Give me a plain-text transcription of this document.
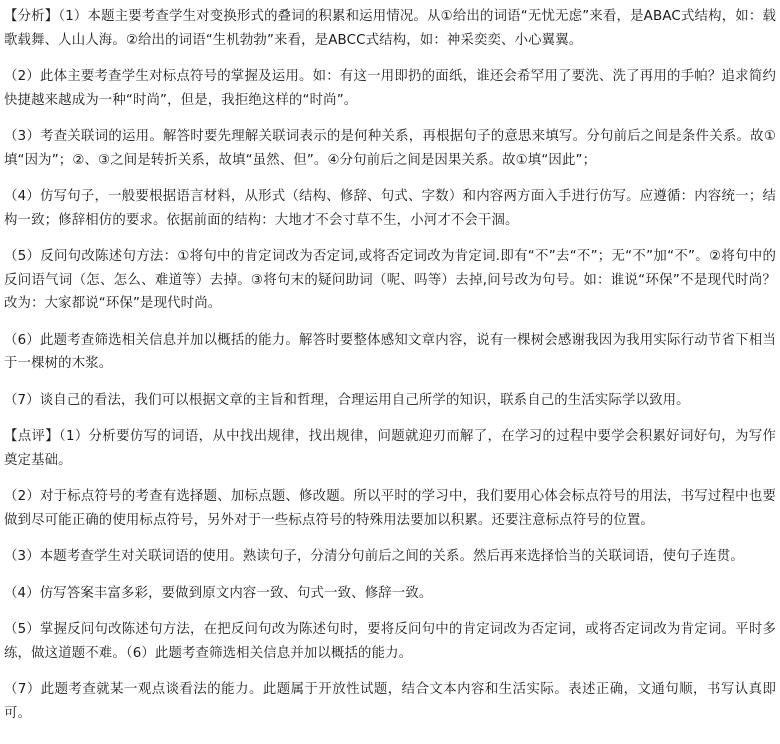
【分析】（1）本题主要考查学生对变换形式的叠词的积累和运用情况。从①给出的词语“无忧无虑”来看，是ABAC式结构，如：载歌载舞、人山人海。②给出的词语“生机勃勃”来看，是ABCC式结构，如：神采奕奕、小心翼翼。

（2）此体主要考查学生对标点符号的掌握及运用。如：有这一用即扔的面纸，谁还会希罕用了要洗、洗了再用的手帕？追求简约快捷越来越成为一种“时尚”，但是，我拒绝这样的“时尚”。

（3）考查关联词的运用。解答时要先理解关联词表示的是何种关系，再根据句子的意思来填写。分句前后之间是条件关系。故①填“因为”；②、③之间是转折关系，故填“虽然、但”。④分句前后之间是因果关系。故①填“因此”；

（4）仿写句子，一般要根据语言材料，从形式（结构、修辞、句式、字数）和内容两方面入手进行仿写。应遵循：内容统一；结构一致；修辞相仿的要求。依据前面的结构：大地才不会寸草不生，小河才不会干涸。

（5）反问句改陈述句方法：①将句中的肯定词改为否定词,或将否定词改为肯定词.即有“不”去“不”；无“不”加“不”。②将句中的反问语气词（怎、怎么、难道等）去掉。③将句末的疑问助词（呢、吗等）去掉,问号改为句号。如：谁说“环保”不是现代时尚？改为：大家都说“环保”是现代时尚。

（6）此题考查筛选相关信息并加以概括的能力。解答时要整体感知文章内容，说有一棵树会感谢我因为我用实际行动节省下相当于一棵树的木浆。

（7）谈自己的看法，我们可以根据文章的主旨和哲理，合理运用自己所学的知识，联系自己的生活实际学以致用。

【点评】（1）分析要仿写的词语，从中找出规律，找出规律，问题就迎刃而解了，在学习的过程中要学会积累好词好句，为写作奠定基础。

（2）对于标点符号的考查有选择题、加标点题、修改题。所以平时的学习中，我们要用心体会标点符号的用法，书写过程中也要做到尽可能正确的使用标点符号，另外对于一些标点符号的特殊用法要加以积累。还要注意标点符号的位置。

（3）本题考查学生对关联词语的使用。熟读句子，分清分句前后之间的关系。然后再来选择恰当的关联词语，使句子连贯。

（4）仿写答案丰富多彩，要做到原文内容一致、句式一致、修辞一致。

（5）掌握反问句改陈述句方法，在把反问句改为陈述句时，要将反问句中的肯定词改为否定词，或将否定词改为肯定词。平时多练，做这道题不难。（6）此题考查筛选相关信息并加以概括的能力。

（7）此题考查就某一观点谈看法的能力。此题属于开放性试题，结合文本内容和生活实际。表述正确，文通句顺，书写认真即可。
